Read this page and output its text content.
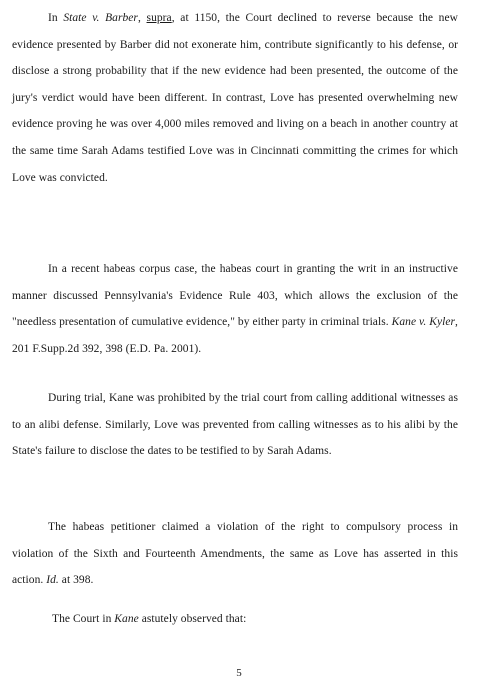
In State v. Barber, supra, at 1150, the Court declined to reverse because the new evidence presented by Barber did not exonerate him, contribute significantly to his defense, or disclose a strong probability that if the new evidence had been presented, the outcome of the jury's verdict would have been different. In contrast, Love has presented overwhelming new evidence proving he was over 4,000 miles removed and living on a beach in another country at the same time Sarah Adams testified Love was in Cincinnati committing the crimes for which Love was convicted.

In a recent habeas corpus case, the habeas court in granting the writ in an instructive manner discussed Pennsylvania's Evidence Rule 403, which allows the exclusion of the "needless presentation of cumulative evidence," by either party in criminal trials. Kane v. Kyler, 201 F.Supp.2d 392, 398 (E.D. Pa. 2001).

During trial, Kane was prohibited by the trial court from calling additional witnesses as to an alibi defense. Similarly, Love was prevented from calling witnesses as to his alibi by the State's failure to disclose the dates to be testified to by Sarah Adams.

The habeas petitioner claimed a violation of the right to compulsory process in violation of the Sixth and Fourteenth Amendments, the same as Love has asserted in this action. Id. at 398.

The Court in Kane astutely observed that:

5
